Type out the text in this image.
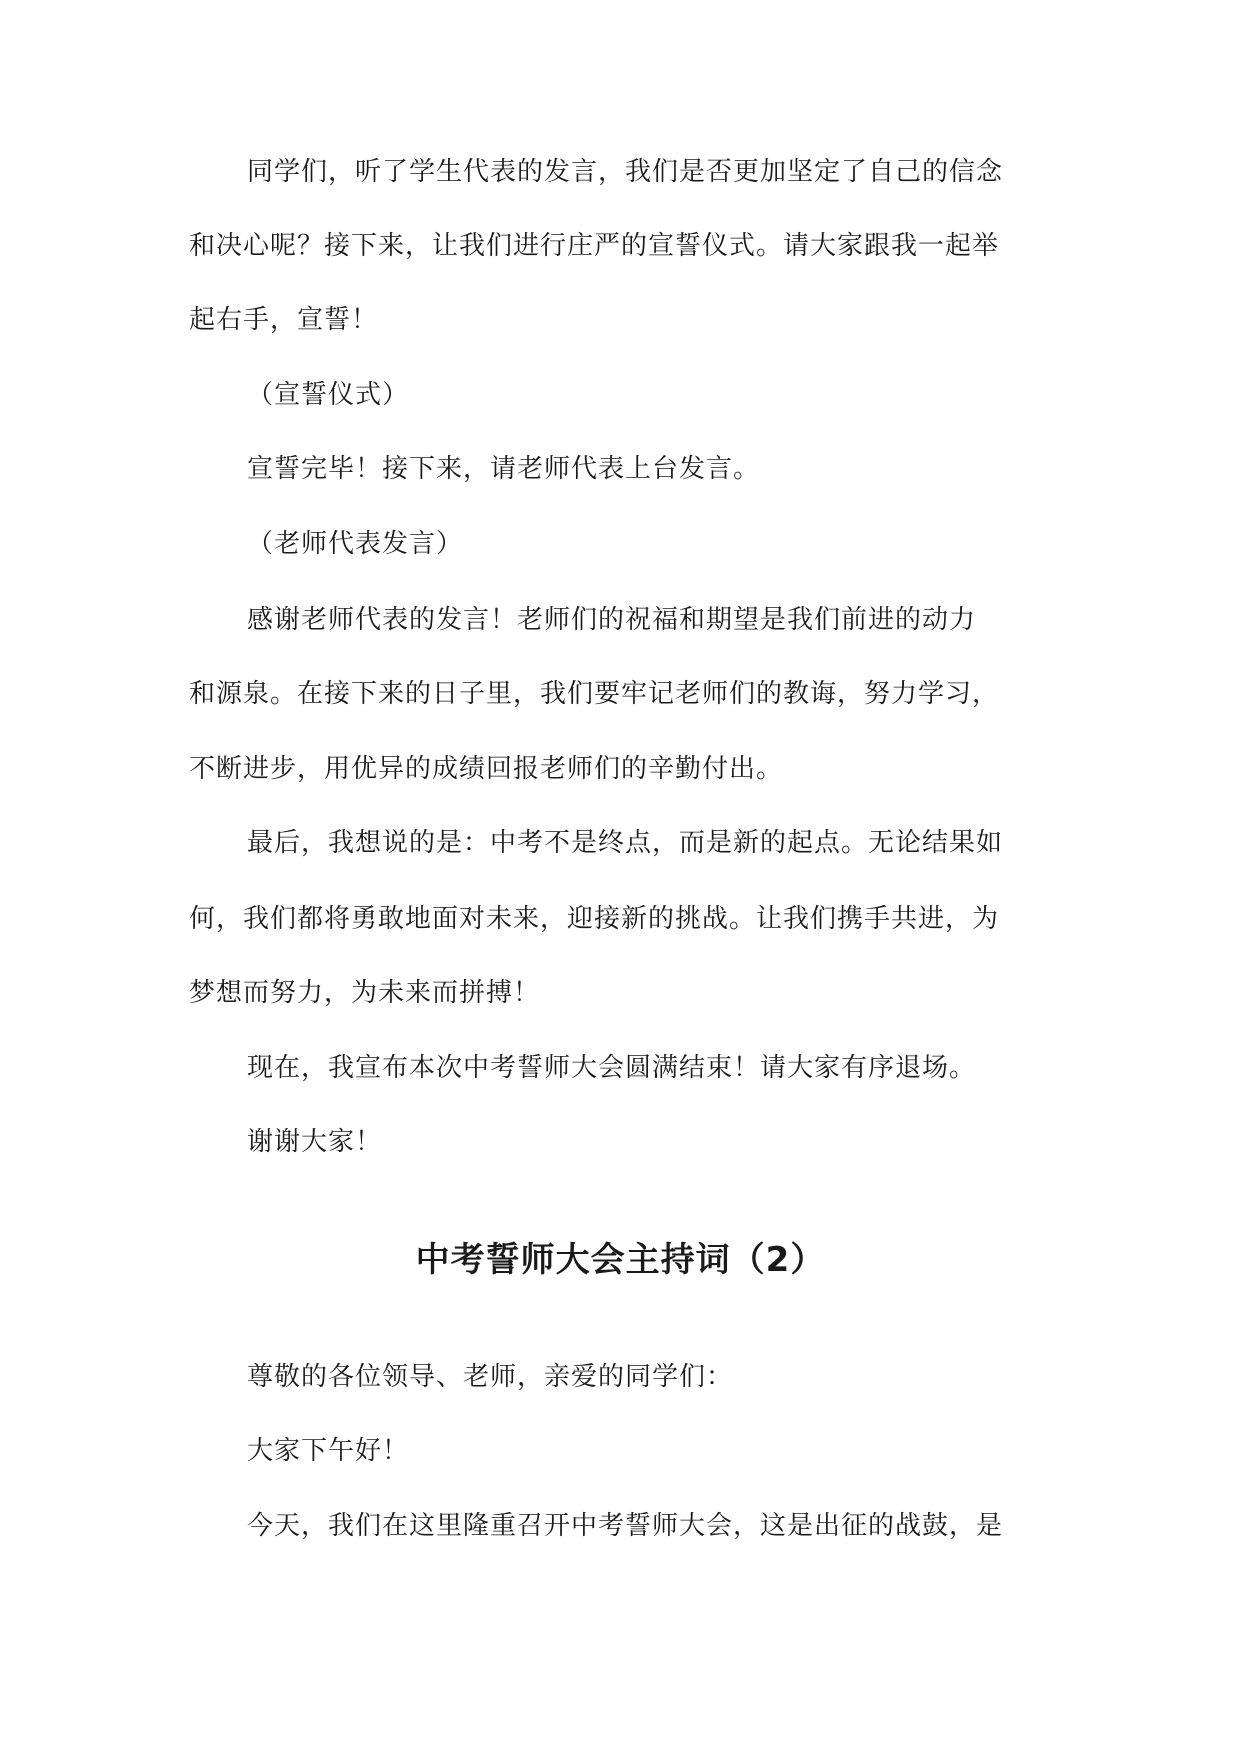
同学们，听了学生代表的发言，我们是否更加坚定了自己的信念

和决心呢？接下来，让我们进行庄严的宣誓仪式。请大家跟我一起举

起右手，宣誓！

（宣誓仪式）

宣誓完毕！接下来，请老师代表上台发言。

（老师代表发言）

感谢老师代表的发言！老师们的祝福和期望是我们前进的动力

和源泉。在接下来的日子里，我们要牢记老师们的教诲，努力学习，

不断进步，用优异的成绩回报老师们的辛勤付出。

最后，我想说的是：中考不是终点，而是新的起点。无论结果如

何，我们都将勇敢地面对未来，迎接新的挑战。让我们携手共进，为

梦想而努力，为未来而拼搏！

现在，我宣布本次中考誓师大会圆满结束！请大家有序退场。

谢谢大家！

中考誓师大会主持词（2）

尊敬的各位领导、老师，亲爱的同学们：

大家下午好！

今天，我们在这里隆重召开中考誓师大会，这是出征的战鼓，是
